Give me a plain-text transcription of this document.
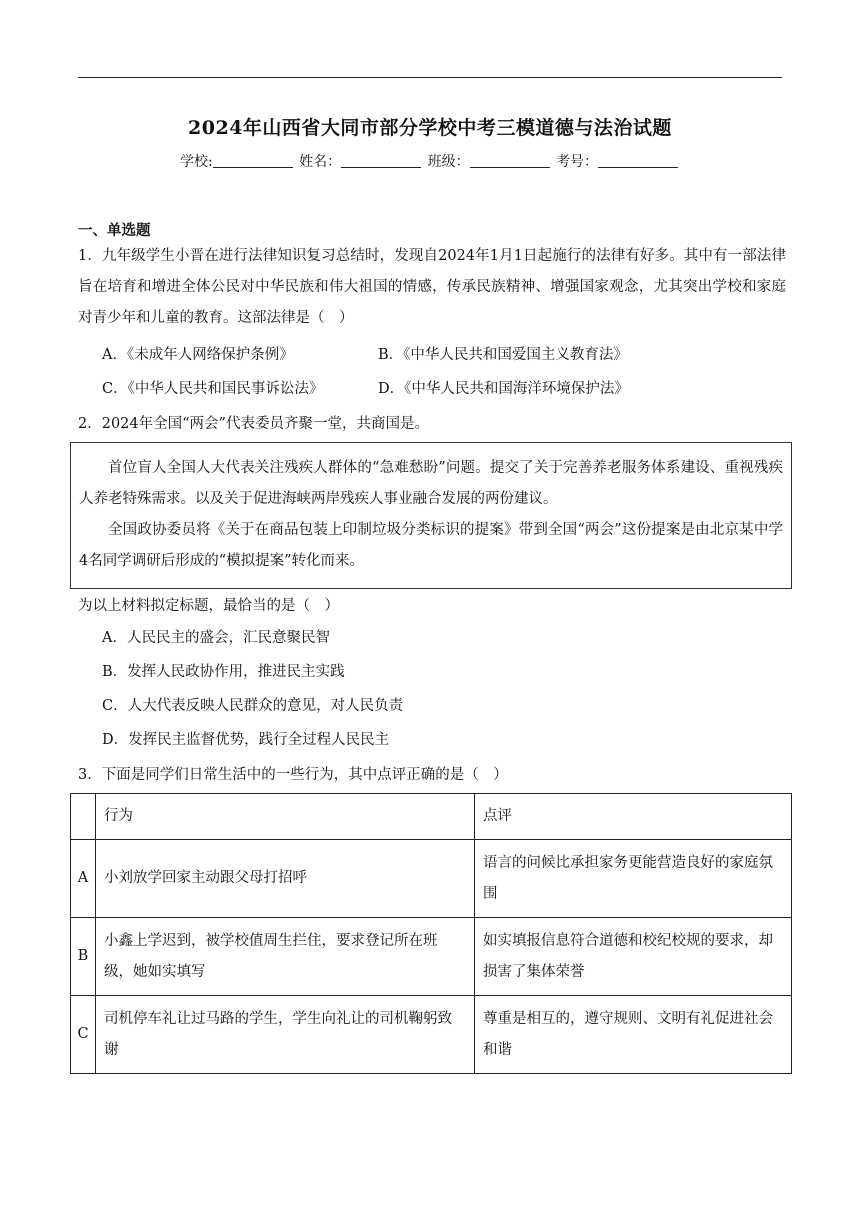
2024年山西省大同市部分学校中考三模道德与法治试题
学校:	姓名：	班级：	考号：
一、单选题
1．九年级学生小晋在进行法律知识复习总结时，发现自2024年1月1日起施行的法律有好多。其中有一部法律旨在培育和增进全体公民对中华民族和伟大祖国的情感，传承民族精神、增强国家观念，尤其突出学校和家庭对青少年和儿童的教育。这部法律是（　）
A．《未成年人网络保护条例》	B．《中华人民共和国爱国主义教育法》
C．《中华人民共和国民事诉讼法》	D．《中华人民共和国海洋环境保护法》
2．2024年全国“两会”代表委员齐聚一堂，共商国是。

首位盲人全国人大代表关注残疾人群体的“急难愁盼”问题。提交了关于完善养老服务体系建设、重视残疾人养老特殊需求。以及关于促进海峡两岸残疾人事业融合发展的两份建议。

全国政协委员将《关于在商品包装上印制垃圾分类标识的提案》带到全国“两会”这份提案是由北京某中学4名同学调研后形成的“模拟提案”转化而来。

为以上材料拟定标题，最恰当的是（　）
A．人民民主的盛会，汇民意聚民智
B．发挥人民政协作用，推进民主实践
C．人大代表反映人民群众的意见，对人民负责
D．发挥民主监督优势，践行全过程人民民主
3．下面是同学们日常生活中的一些行为，其中点评正确的是（　）
	行为	点评
A	小刘放学回家主动跟父母打招呼	语言的问候比承担家务更能营造良好的家庭氛围
B	小鑫上学迟到，被学校值周生拦住，要求登记所在班级，她如实填写	如实填报信息符合道德和校纪校规的要求，却损害了集体荣誉
C	司机停车礼让过马路的学生，学生向礼让的司机鞠躬致谢	尊重是相互的，遵守规则、文明有礼促进社会和谐
